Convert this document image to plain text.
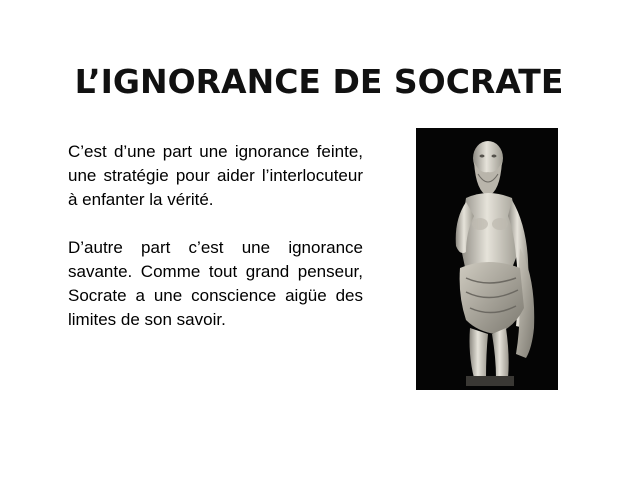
L’IGNORANCE DE SOCRATE

C’est d’une part une ignorance feinte, une stratégie pour aider l’interlocuteur à enfanter la vérité.

D’autre part c’est une ignorance savante. Comme tout grand penseur, Socrate a une conscience aigüe des limites de son savoir.
